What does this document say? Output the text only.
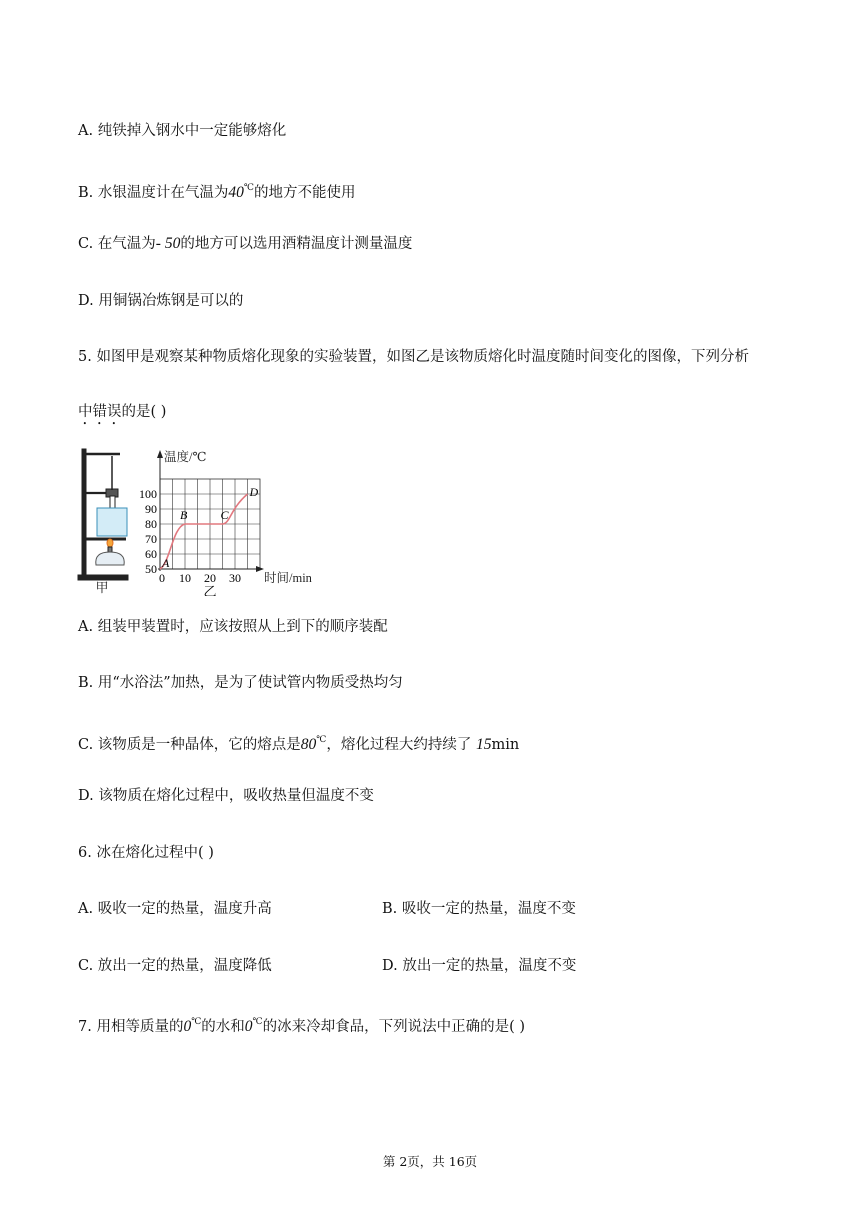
A. 纯铁掉入钢水中一定能够熔化
B. 水银温度计在气温为40℃的地方不能使用
C. 在气温为- 50的地方可以选用酒精温度计测量温度
D. 用铜锅冶炼钢是可以的
5. 如图甲是观察某种物质熔化现象的实验装置，如图乙是该物质熔化时温度随时间变化的图像，下列分析
中错误的是( )
甲
温度/℃
时间/min
50
60
70
80
90
100
0 10 20 30
A
B	C
D
乙
A. 组装甲装置时，应该按照从上到下的顺序装配
B. 用“水浴法”加热，是为了使试管内物质受热均匀
C. 该物质是一种晶体，它的熔点是80℃，熔化过程大约持续了 15min
D. 该物质在熔化过程中，吸收热量但温度不变
6. 冰在熔化过程中( )
A. 吸收一定的热量，温度升高	B. 吸收一定的热量，温度不变
C. 放出一定的热量，温度降低	D. 放出一定的热量，温度不变
7. 用相等质量的0℃的水和0℃的冰来冷却食品，下列说法中正确的是( )
第 2页，共 16页
